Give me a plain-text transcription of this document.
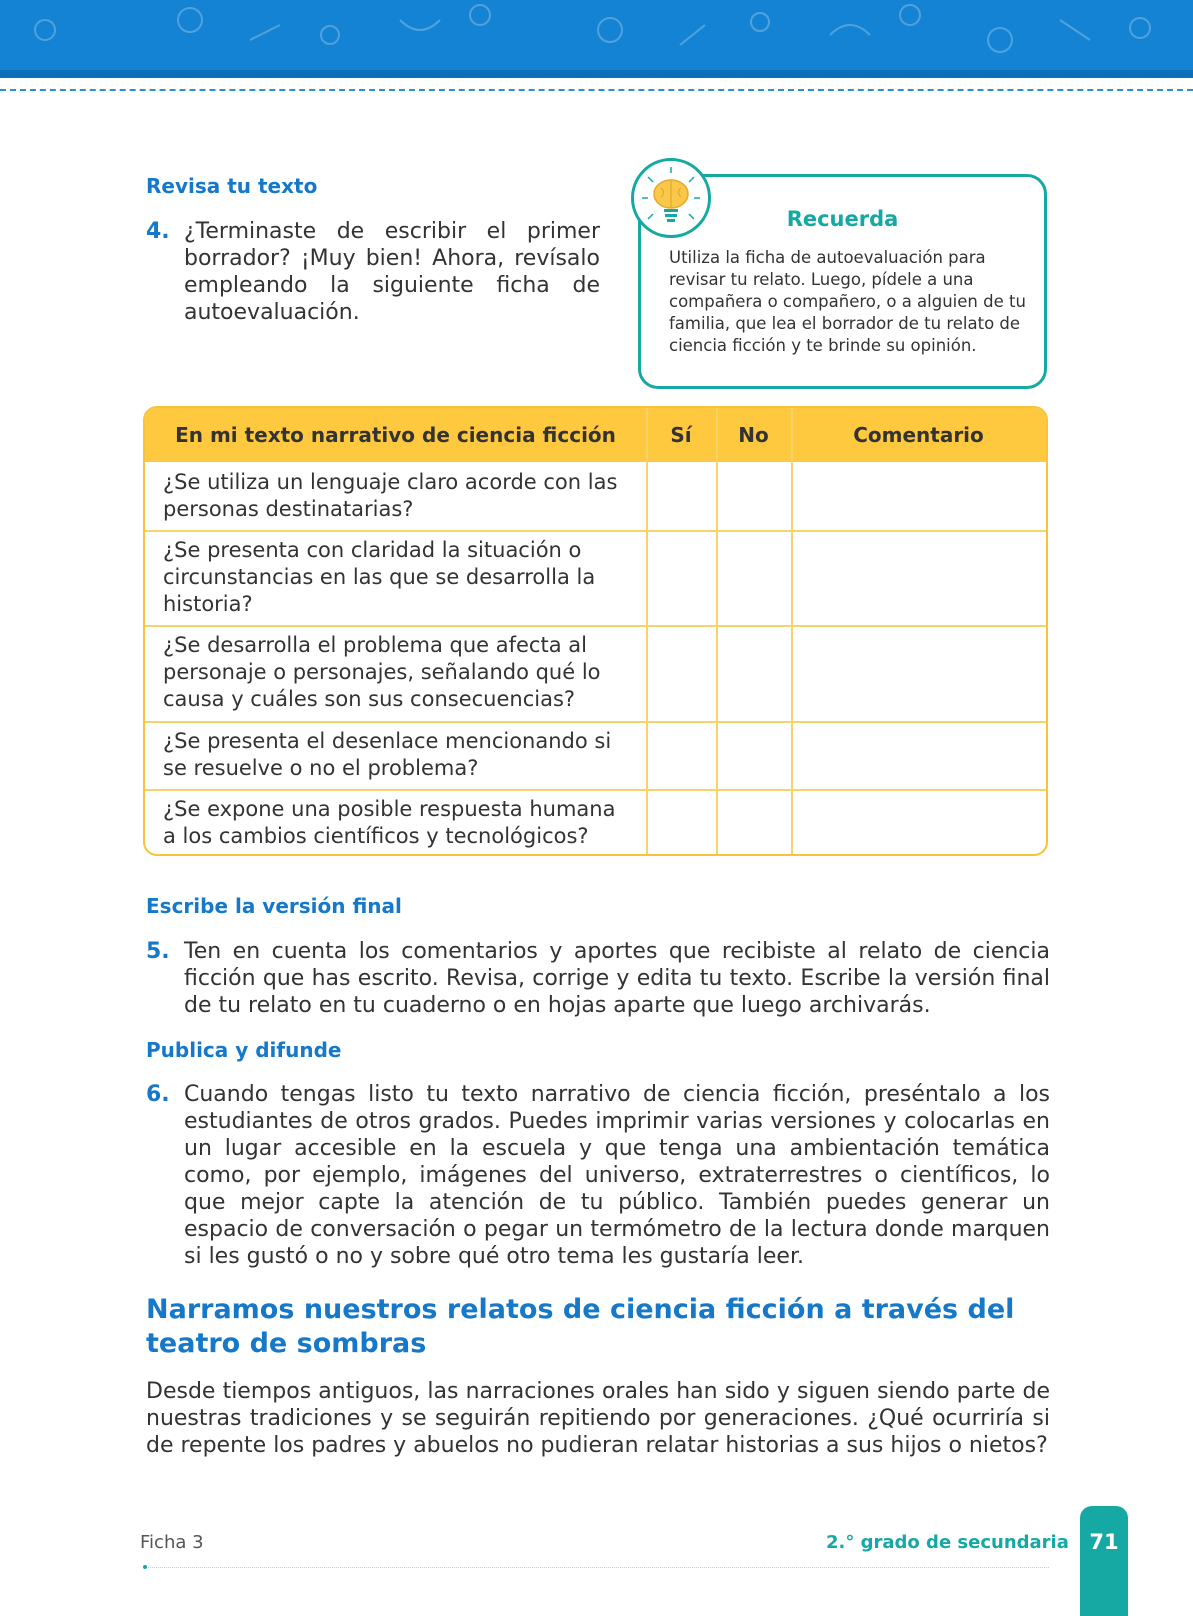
Revisa tu texto
4. ¿Terminaste de escribir el primer borrador? ¡Muy bien! Ahora, revísalo empleando la siguiente ficha de autoevaluación.
Recuerda
Utiliza la ficha de autoevaluación para revisar tu relato. Luego, pídele a una compañera o compañero, o a alguien de tu familia, que lea el borrador de tu relato de ciencia ficción y te brinde su opinión.
En mi texto narrativo de ciencia ficción	Sí	No	Comentario
¿Se utiliza un lenguaje claro acorde con las personas destinatarias?
¿Se presenta con claridad la situación o circunstancias en las que se desarrolla la historia?
¿Se desarrolla el problema que afecta al personaje o personajes, señalando qué lo causa y cuáles son sus consecuencias?
¿Se presenta el desenlace mencionando si se resuelve o no el problema?
¿Se expone una posible respuesta humana a los cambios científicos y tecnológicos?
Escribe la versión final
5. Ten en cuenta los comentarios y aportes que recibiste al relato de ciencia ficción que has escrito. Revisa, corrige y edita tu texto. Escribe la versión final de tu relato en tu cuaderno o en hojas aparte que luego archivarás.
Publica y difunde
6. Cuando tengas listo tu texto narrativo de ciencia ficción, preséntalo a los estudiantes de otros grados. Puedes imprimir varias versiones y colocarlas en un lugar accesible en la escuela y que tenga una ambientación temática como, por ejemplo, imágenes del universo, extraterrestres o científicos, lo que mejor capte la atención de tu público. También puedes generar un espacio de conversación o pegar un termómetro de la lectura donde marquen si les gustó o no y sobre qué otro tema les gustaría leer.
Narramos nuestros relatos de ciencia ficción a través del teatro de sombras
Desde tiempos antiguos, las narraciones orales han sido y siguen siendo parte de nuestras tradiciones y se seguirán repitiendo por generaciones. ¿Qué ocurriría si de repente los padres y abuelos no pudieran relatar historias a sus hijos o nietos?
Ficha 3	2.° grado de secundaria 71
